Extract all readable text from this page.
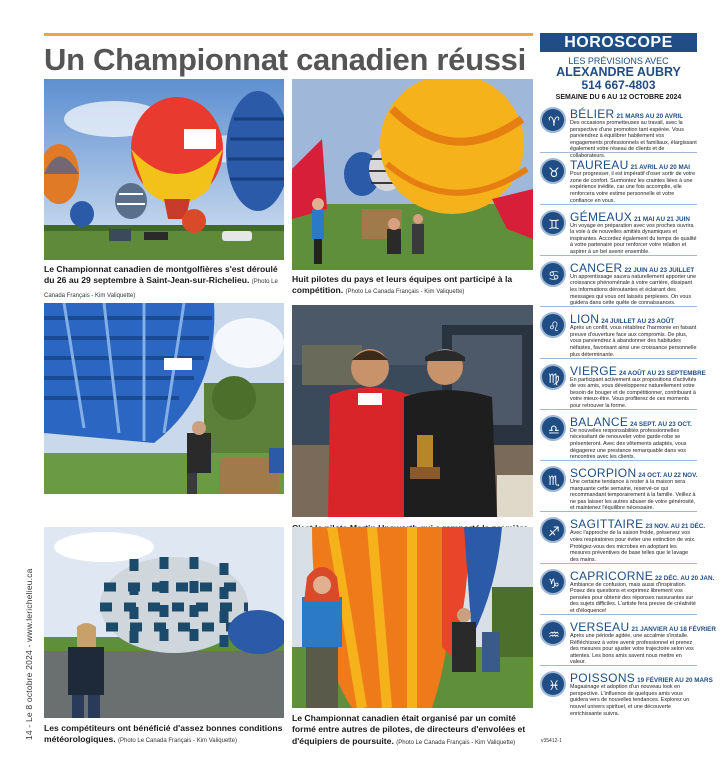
14 - Le 8 octobre 2024 - www.lerichelieu.ca
Un Championnat canadien réussi
Le Championnat canadien de montgolfières s'est déroulé du 26 au 29 septembre à Saint-Jean-sur-Richelieu. (Photo Le Canada Français - Kim Valiquette)
Huit pilotes du pays et leurs équipes ont participé à la compétition. (Photo Le Canada Français - Kim Valiquette)

Les compétiteurs ont bénéficié d'assez bonnes conditions météorologiques. (Photo Le Canada Français - Kim Valiquette)
Le Championnat canadien était organisé par un comité formé entre autres de pilotes, de directeurs d'envolées et d'équipiers de poursuite. (Photo Le Canada Français - Kim Valiquette)
HOROSCOPE
LES PRÉVISIONS AVEC
ALEXANDRE AUBRY
514 667-4803
SEMAINE DU 6 AU 12 OCTOBRE 2024
♈
BÉLIER 21 MARS AU 20 AVRIL
Des occasions prometteuses au travail, avec la perspective d'une promotion tant espérée. Vous parviendrez à équilibrer habilement vos engagements professionnels et familiaux, élargissant également votre réseau de clients et de collaborateurs.
♉
TAUREAU 21 AVRIL AU 20 MAI
Pour progresser, il est impératif d'oser sortir de votre zone de confort. Surmontez les craintes liées à une expérience inédite, car une fois accomplie, elle renforcera votre estime personnelle et votre confiance en vous.
♊
GÉMEAUX 21 MAI AU 21 JUIN
Un voyage en préparation avec vos proches ouvrira la voie à de nouvelles amitiés dynamiques et inspirantes. Accordez également du temps de qualité à votre partenaire pour renforcer votre relation et aspirer à un bel avenir ensemble.
♋
CANCER 22 JUIN AU 23 JUILLET
Un apprentissage sauvra naturellement apporter une croissance phénoménale à votre carrière, dissipant les informations déroutantes et éclairant des messages qui vous ont laissés perplexes. On vous guidera dans cette quête de connaissances.
♌
LION 24 JUILLET AU 23 AOÛT
Après un conflit, vous rétablirez l'harmonie en faisant preuve d'ouverture face aux compromis. De plus, vous parviendrez à abandonner des habitudes néfastes, favorisant ainsi une croissance personnelle plus déterminante.
♍
VIERGE 24 AOÛT AU 23 SEPTEMBRE
En participant activement aux propositions d'activités de vos amis, vous développerez naturellement votre besoin de bouger et de compétitionner, contribuant à votre mieux-être. Vous profiterez de ces moments pour retrouver la forme.
♎
BALANCE 24 SEPT. AU 23 OCT.
De nouvelles responsabilités professionnelles nécessitant de renouveler votre garde-robe se présenteront. Avec des vêtements adaptés, vous dégagerez une prestance remarquable dans vos rencontres avec les clients.
♏
SCORPION 24 OCT. AU 22 NOV.
Une certaine tendance à rester à la maison sera marquante cette semaine, reservé-ce qui recommandant temporairement à la famille. Veillez à ne pas laisser les autres abuser de votre générosité, et maintenez l'équilibre nécessaire.
♐
SAGITTAIRE 23 NOV. AU 21 DÉC.
Avec l'approche de la saison froide, préservez vos voies respiratoires pour éviter une extinction de voix. Protégez-vous des microbes en adoptant les mesures préventives de base telles que le lavage des mains.
♑
CAPRICORNE 22 DÉC. AU 20 JAN.
Ambiance de confusion, mais aussi d'inspiration. Posez des questions et exprimez librement vos pensées pour obtenir des réponses rassurantes sur des sujets difficiles. L'artiste fera preuve de créativité et d'éloquence!
♒
VERSEAU 21 JANVIER AU 18 FÉVRIER
Après une période agitée, une accalmie s'installe. Réfléchissez à votre avenir professionnel et prenez des mesures pour ajuster votre trajectoire selon vos attentes. Les bons amis savent nous mettre en valeur.
♓
POISSONS 19 FÉVRIER AU 20 MARS
Magasinage et adoption d'un nouveau look en perspective. L'influence de quelques amis vous guidera vers de nouvelles tendances. Explorez un nouvel univers spirituel, et une découverte enrichissante suivra.
v35412-1
